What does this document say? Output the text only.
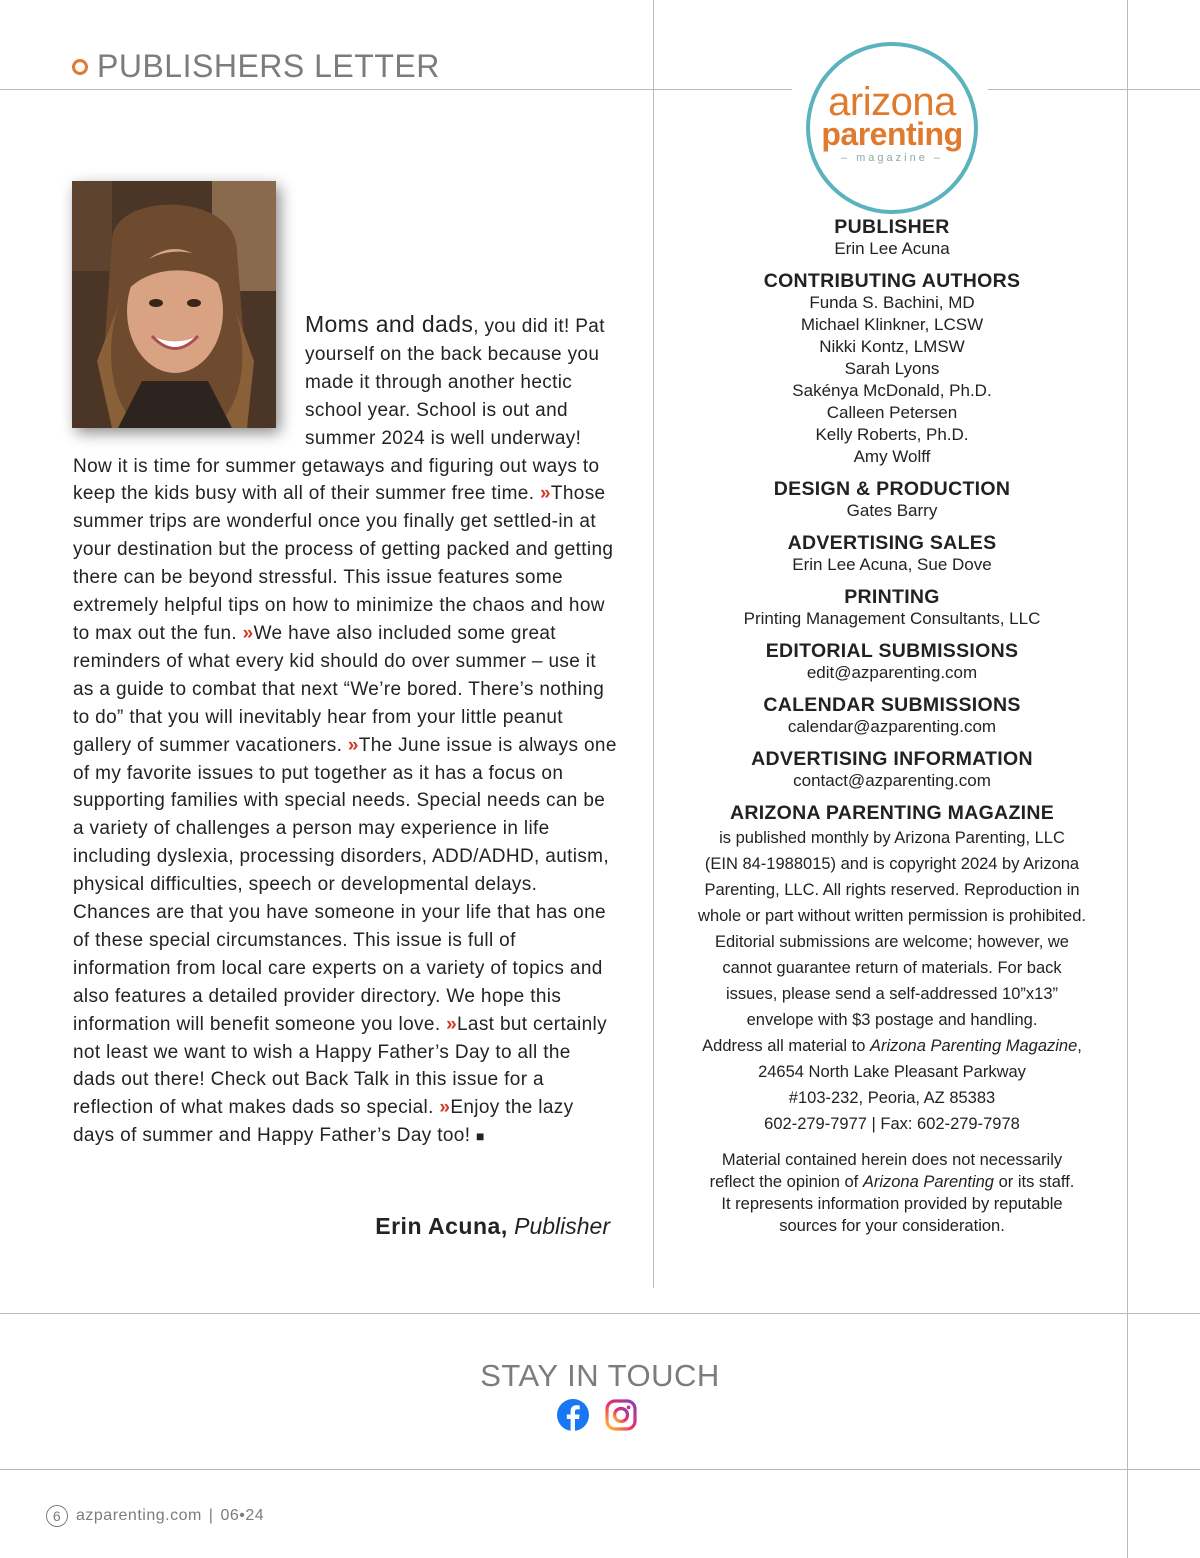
PUBLISHERS LETTER
arizona
parenting
– magazine –
Moms and dads, you did it! Pat yourself on the back because you made it through another hectic school year. School is out and summer 2024 is well underway! Now it is time for summer getaways and figuring out ways to keep the kids busy with all of their summer free time. »Those summer trips are wonderful once you finally get settled-in at your destination but the process of getting packed and getting there can be beyond stressful. This issue features some extremely helpful tips on how to minimize the chaos and how to max out the fun. »We have also included some great reminders of what every kid should do over summer – use it as a guide to combat that next “We’re bored. There’s nothing to do” that you will inevitably hear from your little peanut gallery of summer vacationers. »The June issue is always one of my favorite issues to put together as it has a focus on supporting families with special needs. Special needs can be a variety of challenges a person may experience in life including dyslexia, processing disorders, ADD/ADHD, autism, physical difficulties, speech or developmental delays. Chances are that you have someone in your life that has one of these special circumstances. This issue is full of information from local care experts on a variety of topics and also features a detailed provider directory. We hope this information will benefit someone you love. »Last but certainly not least we want to wish a Happy Father’s Day to all the dads out there! Check out Back Talk in this issue for a reflection of what makes dads so special. »Enjoy the lazy days of summer and Happy Father’s Day too! ■
Erin Acuna, Publisher
PUBLISHER
Erin Lee Acuna
CONTRIBUTING AUTHORS
Funda S. Bachini, MD
Michael Klinkner, LCSW
Nikki Kontz, LMSW
Sarah Lyons
Sakénya McDonald, Ph.D.
Calleen Petersen
Kelly Roberts, Ph.D.
Amy Wolff
DESIGN & PRODUCTION
Gates Barry
ADVERTISING SALES
Erin Lee Acuna, Sue Dove
PRINTING
Printing Management Consultants, LLC
EDITORIAL SUBMISSIONS
edit@azparenting.com
CALENDAR SUBMISSIONS
calendar@azparenting.com
ADVERTISING INFORMATION
contact@azparenting.com
ARIZONA PARENTING MAGAZINE
is published monthly by Arizona Parenting, LLC
(EIN 84-1988015) and is copyright 2024 by Arizona
Parenting, LLC. All rights reserved. Reproduction in
whole or part without written permission is prohibited.
Editorial submissions are welcome; however, we
cannot guarantee return of materials. For back
issues, please send a self-addressed 10”x13”
envelope with $3 postage and handling.
Address all material to Arizona Parenting Magazine,
24654 North Lake Pleasant Parkway
#103-232, Peoria, AZ 85383
602-279-7977 | Fax: 602-279-7978
Material contained herein does not necessarily
reflect the opinion of Arizona Parenting or its staff.
It represents information provided by reputable
sources for your consideration.
STAY IN TOUCH
6 azparenting.com | 06•24
